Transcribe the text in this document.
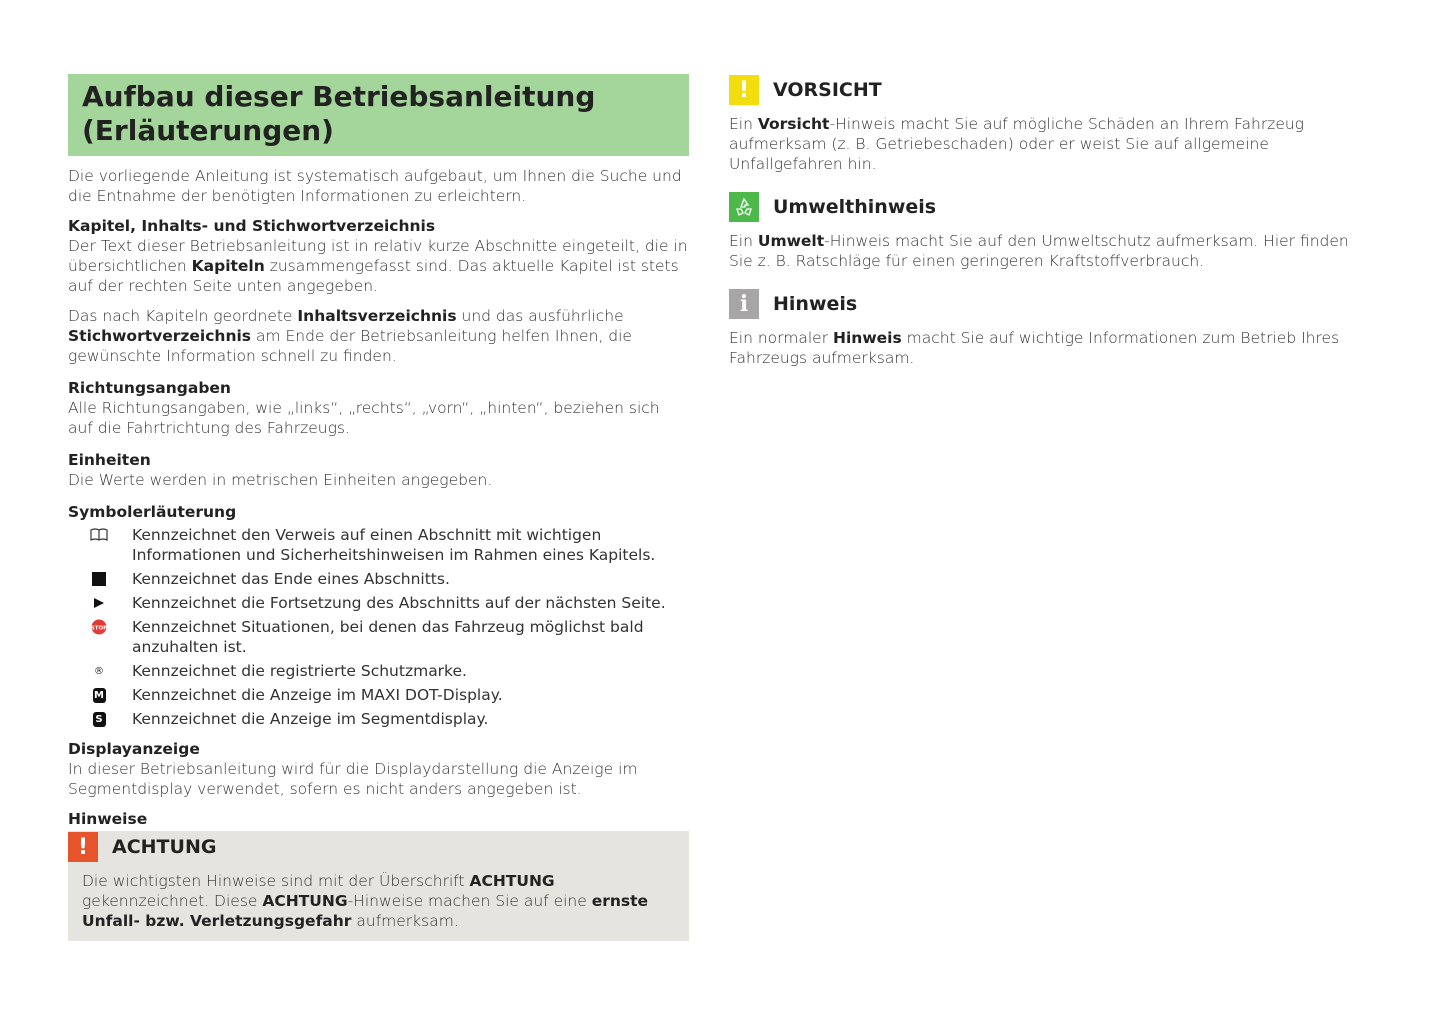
Aufbau dieser Betriebsanleitung
(Erläuterungen)

Die vorliegende Anleitung ist systematisch aufgebaut, um Ihnen die Suche und die Entnahme der benötigten Informationen zu erleichtern.

Kapitel, Inhalts- und Stichwortverzeichnis

Der Text dieser Betriebsanleitung ist in relativ kurze Abschnitte eingeteilt, die in übersichtlichen Kapiteln zusammengefasst sind. Das aktuelle Kapitel ist stets auf der rechten Seite unten angegeben.

Das nach Kapiteln geordnete Inhaltsverzeichnis und das ausführliche Stichwortverzeichnis am Ende der Betriebsanleitung helfen Ihnen, die gewünschte Information schnell zu finden.

Richtungsangaben

Alle Richtungsangaben, wie „links“, „rechts“, „vorn“, „hinten“, beziehen sich auf die Fahrtrichtung des Fahrzeugs.

Einheiten

Die Werte werden in metrischen Einheiten angegeben.

Symbolerläuterung
Kennzeichnet den Verweis auf einen Abschnitt mit wichtigen Informationen und Sicherheitshinweisen im Rahmen eines Kapitels.
Kennzeichnet das Ende eines Abschnitts.
Kennzeichnet die Fortsetzung des Abschnitts auf der nächsten Seite.
STOP Kennzeichnet Situationen, bei denen das Fahrzeug möglichst bald anzuhalten ist.
®	Kennzeichnet die registrierte Schutzmarke.
M Kennzeichnet die Anzeige im MAXI DOT-Display.
S Kennzeichnet die Anzeige im Segmentdisplay.
Displayanzeige

In dieser Betriebsanleitung wird für die Displaydarstellung die Anzeige im Segmentdisplay verwendet, sofern es nicht anders angegeben ist.

Hinweise
!	ACHTUNG

Die wichtigsten Hinweise sind mit der Überschrift ACHTUNG gekennzeichnet. Diese ACHTUNG-Hinweise machen Sie auf eine ernste Unfall- bzw. Verletzungsgefahr aufmerksam.

!	VORSICHT

Ein Vorsicht-Hinweis macht Sie auf mögliche Schäden an Ihrem Fahrzeug aufmerksam (z. B. Getriebeschaden) oder er weist Sie auf allgemeine Unfallgefahren hin.

Umwelthinweis

Ein Umwelt-Hinweis macht Sie auf den Umweltschutz aufmerksam. Hier finden Sie z. B. Ratschläge für einen geringeren Kraftstoffverbrauch.

i	Hinweis

Ein normaler Hinweis macht Sie auf wichtige Informationen zum Betrieb Ihres Fahrzeugs aufmerksam.
